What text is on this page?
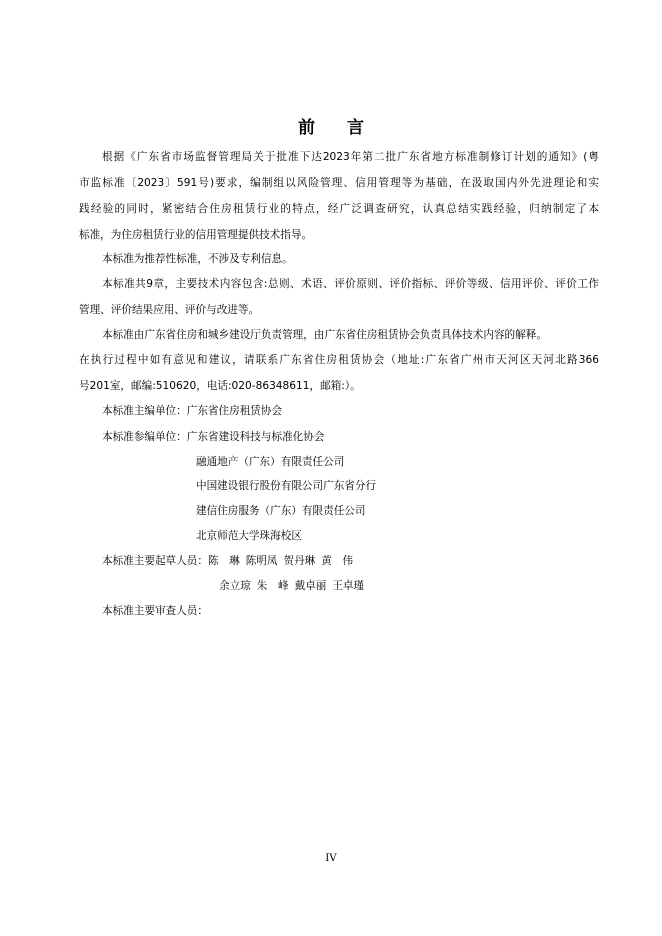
前 言
根据《广东省市场监督管理局关于批准下达2023年第二批广东省地方标准制修订计划的通知》(粤
市监标准〔2023〕591号)要求，编制组以风险管理、信用管理等为基础，在汲取国内外先进理论和实
践经验的同时，紧密结合住房租赁行业的特点，经广泛调查研究，认真总结实践经验，归纳制定了本
标准，为住房租赁行业的信用管理提供技术指导。
本标准为推荐性标准，不涉及专利信息。
本标准共9章，主要技术内容包含:总则、术语、评价原则、评价指标、评价等级、信用评价、评价工作
管理、评价结果应用、评价与改进等。
本标准由广东省住房和城乡建设厅负责管理，由广东省住房租赁协会负责具体技术内容的解释。
在执行过程中如有意见和建议，请联系广东省住房租赁协会（地址:广东省广州市天河区天河北路366
号201室，邮编:510620，电话:020-86348611，邮箱:）。
本标准主编单位：广东省住房租赁协会
本标准参编单位：广东省建设科技与标准化协会
融通地产（广东）有限责任公司
中国建设银行股份有限公司广东省分行
建信住房服务（广东）有限责任公司
北京师范大学珠海校区
本标准主要起草人员：陈　琳 陈明凤 贺丹琳 黄　伟
余立琼 朱　峰 戴卓丽 王卓瑾
本标准主要审查人员：
IV
